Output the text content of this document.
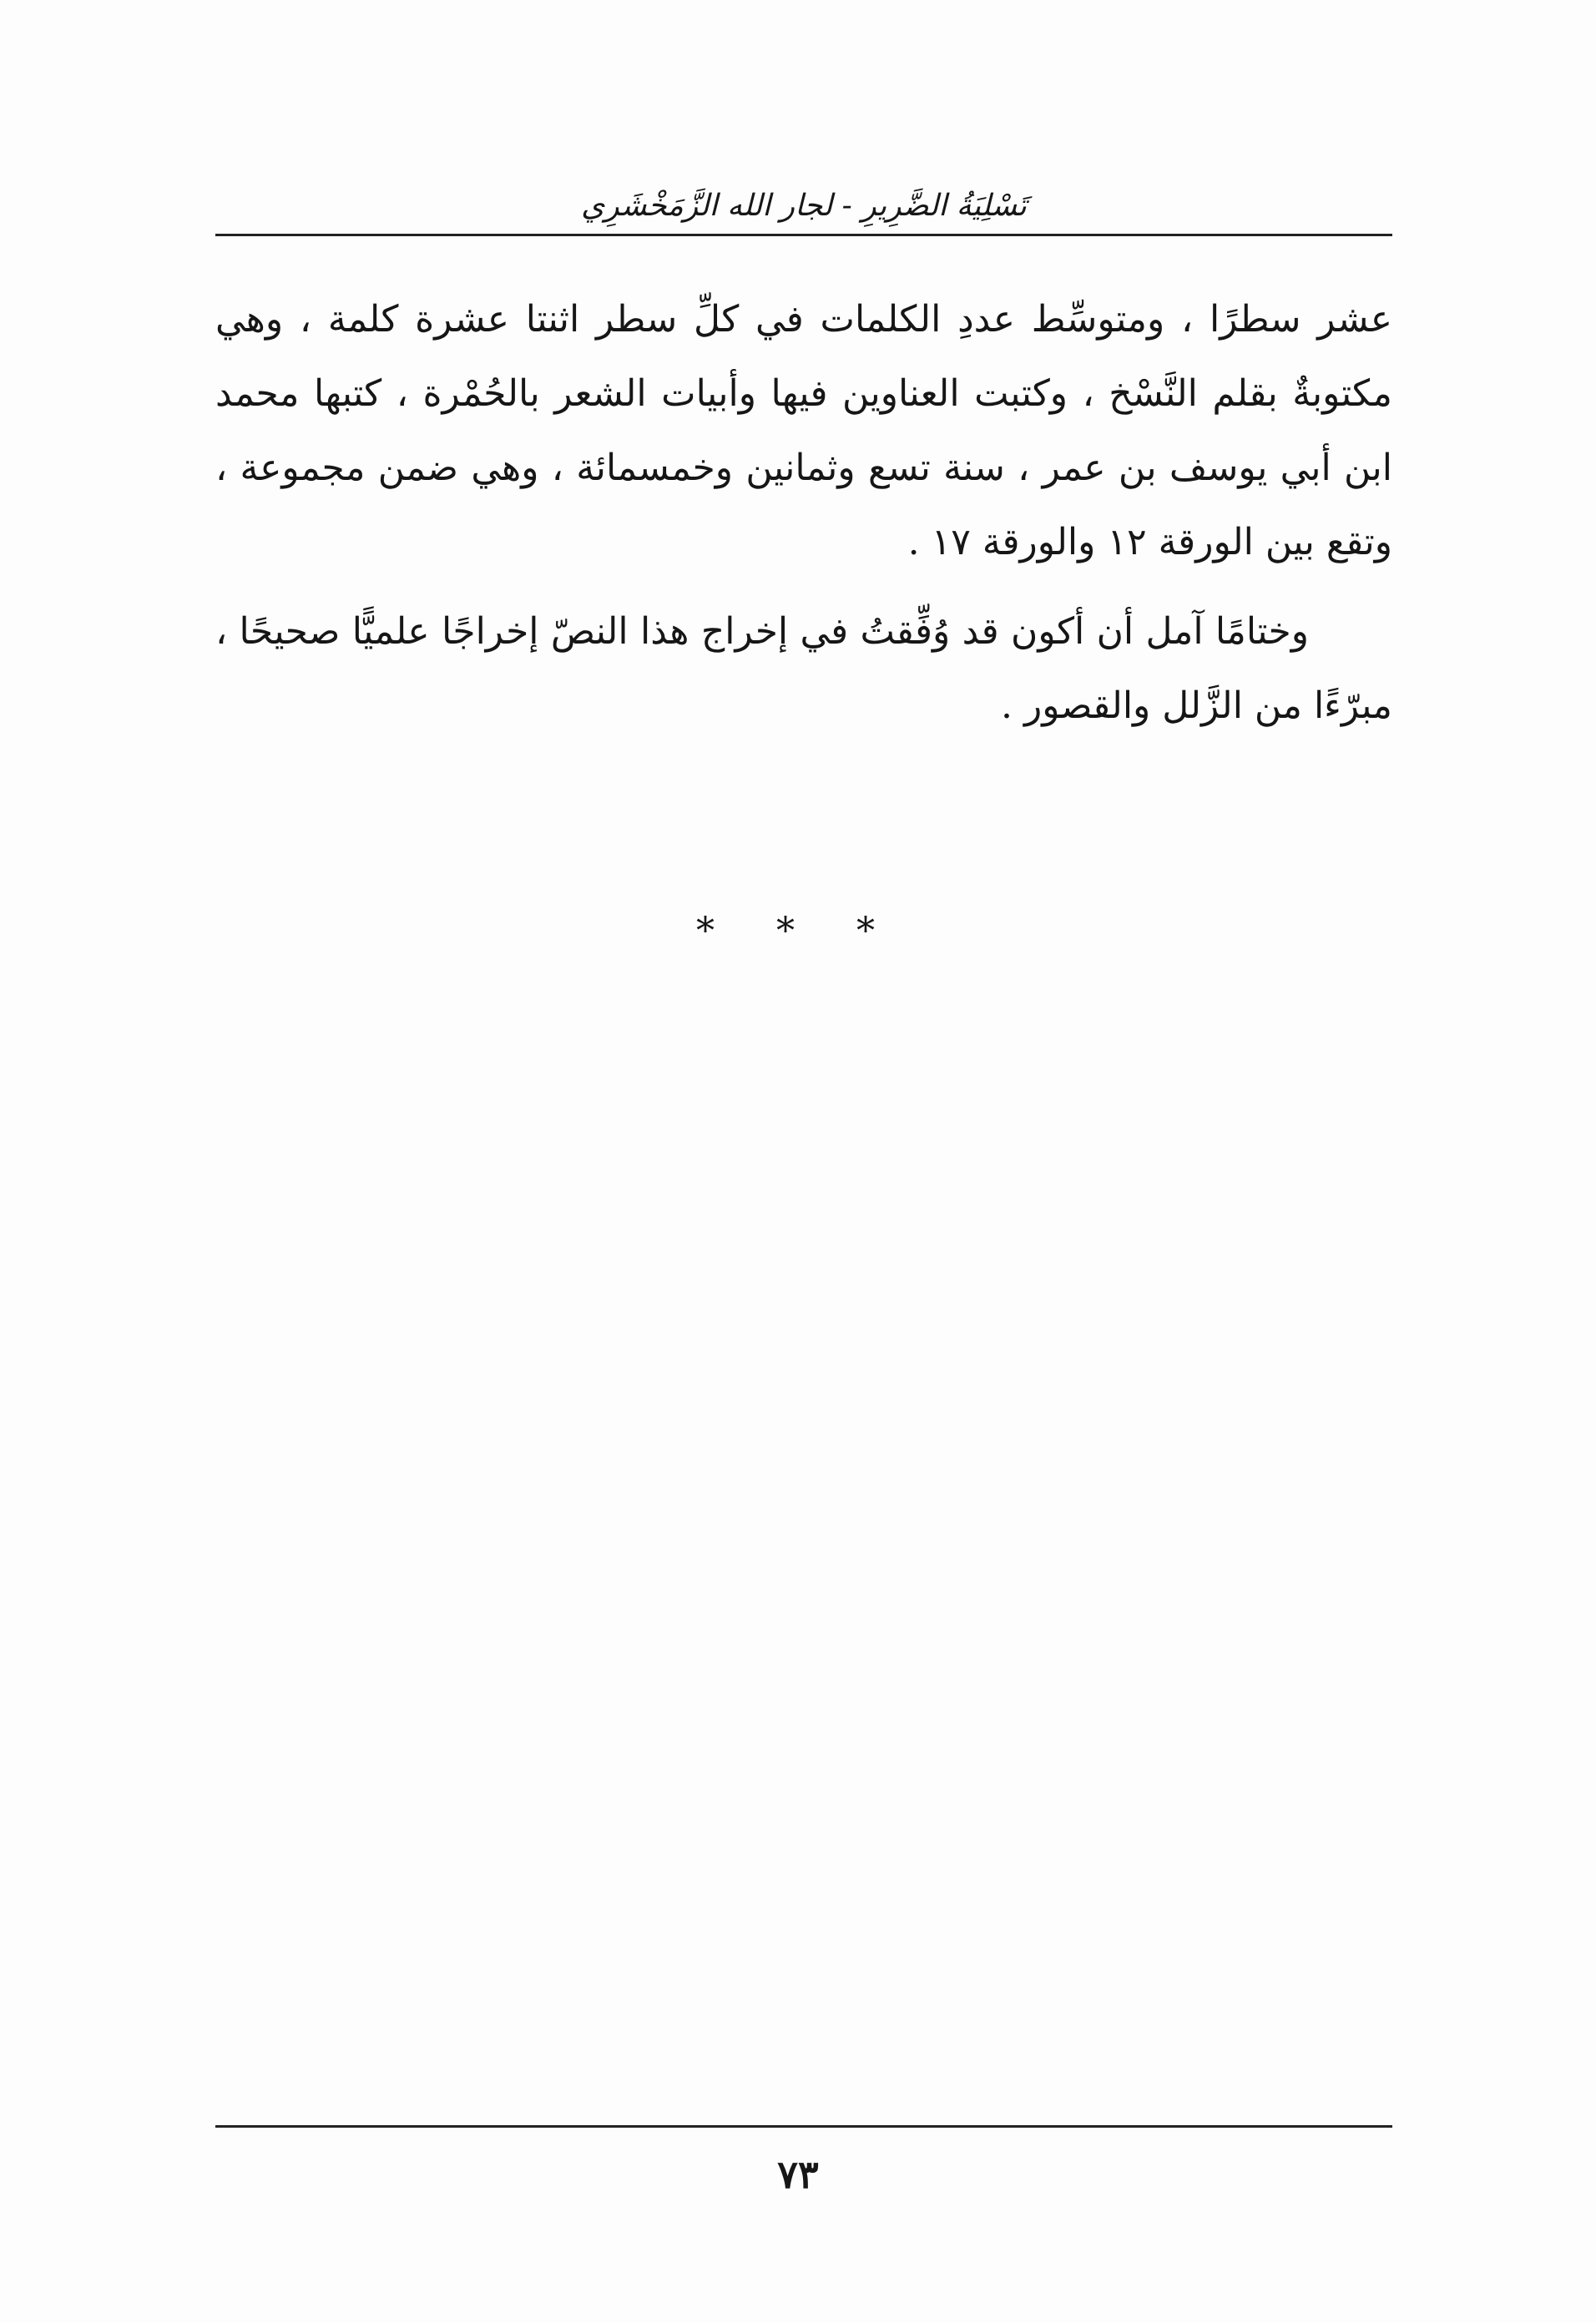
تَسْلِيَةُ الضَّرِيرِ - لجار الله الزَّمَخْشَرِي

عشر سطرًا ، ومتوسِّط عددِ الكلمات في كلِّ سطر اثنتا عشرة كلمة ، وهي مكتوبةٌ بقلم النَّسْخ ، وكتبت العناوين فيها وأبيات الشعر بالحُمْرة ، كتبها محمد ابن أبي يوسف بن عمر ، سنة تسع وثمانين وخمسمائة ، وهي ضمن مجموعة ، وتقع بين الورقة ١٢ والورقة ١٧ .

وختامًا آمل أن أكون قد وُفِّقتُ في إخراج هذا النصّ إخراجًا علميًّا صحيحًا ، مبرّءًا من الزَّلل والقصور .

* * *
٧٣
